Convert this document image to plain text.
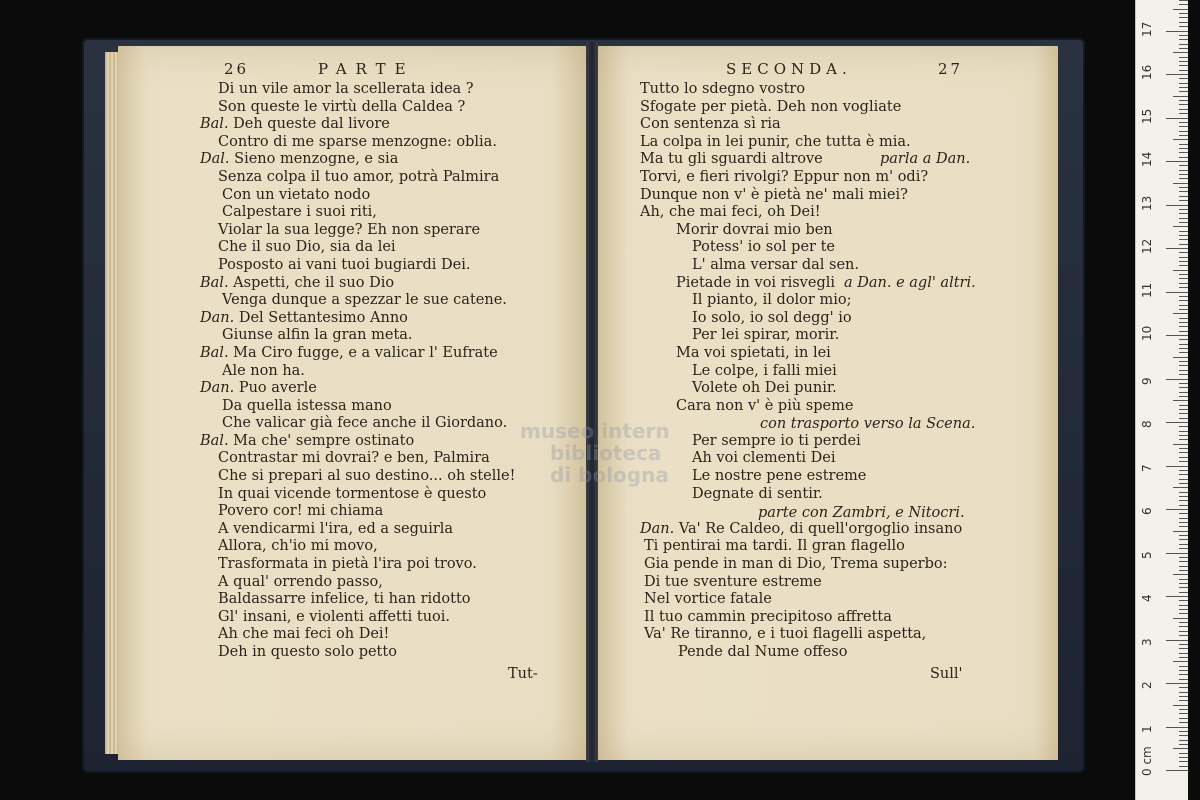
26	PARTE	SECONDA.	27
Di un vile amor la scellerata idea ?
Son queste le virtù della Caldea ?
Bal. Deh queste dal livore
Contro di me sparse menzogne: oblia.
Dal. Sieno menzogne, e sia
Senza colpa il tuo amor, potrà Palmira
Con un vietato nodo
Calpestare i suoi riti,
Violar la sua legge? Eh non sperare
Che il suo Dio, sia da lei
Posposto ai vani tuoi bugiardi Dei.
Bal. Aspetti, che il suo Dio
Venga dunque a spezzar le sue catene.
Dan. Del Settantesimo Anno
Giunse alfin la gran meta.
Bal. Ma Ciro fugge, e a valicar l' Eufrate
Ale non ha.
Dan. Puo averle
Da quella istessa mano
Che valicar già fece anche il Giordano.
Bal. Ma che' sempre ostinato
Contrastar mi dovrai? e ben, Palmira
Che si prepari al suo destino... oh stelle!
In quai vicende tormentose è questo
Povero cor! mi chiama
A vendicarmi l'ira, ed a seguirla
Allora, ch'io mi movo,
Trasformata in pietà l'ira poi trovo.
A qual' orrendo passo,
Baldassarre infelice, ti han ridotto
Gl' insani, e violenti affetti tuoi.
Ah che mai feci oh Dei!
Deh in questo solo petto
Tut-
Tutto lo sdegno vostro
Sfogate per pietà. Deh non vogliate
Con sentenza sì ria
La colpa in lei punir, che tutta è mia.
Ma tu gli sguardi altrove
Torvi, e fieri rivolgi? Eppur non m' odi?
Dunque non v' è pietà ne' mali miei?
Ah, che mai feci, oh Dei!
Morir dovrai mio ben
Potess' io sol per te
L' alma versar dal sen.
Pietade in voi risvegli
Il pianto, il dolor mio;
Io solo, io sol degg' io
Per lei spirar, morir.
Ma voi spietati, in lei
Le colpe, i falli miei
Volete oh Dei punir.
Cara non v' è più speme
Per sempre io ti perdei
Ah voi clementi Dei
Le nostre pene estreme
Degnate di sentir.
Dan. Va' Re Caldeo, di quell'orgoglio insano
Ti pentirai ma tardi. Il gran flagello
Gia pende in man di Dio, Trema superbo:
Di tue sventure estreme
Nel vortice fatale
Il tuo cammin precipitoso affretta
Va' Re tiranno, e i tuoi flagelli aspetta,
Pende dal Nume offeso
Sull'
parla a Dan.
a Dan. e agl' altri.
con trasporto verso la Scena.
parte con Zambri, e Nitocri.
museo intern
biblioteca
di bologna
0 cm
1
2
3
4
5
6
7
8
9
10
11
12
13
14
15
16
17
